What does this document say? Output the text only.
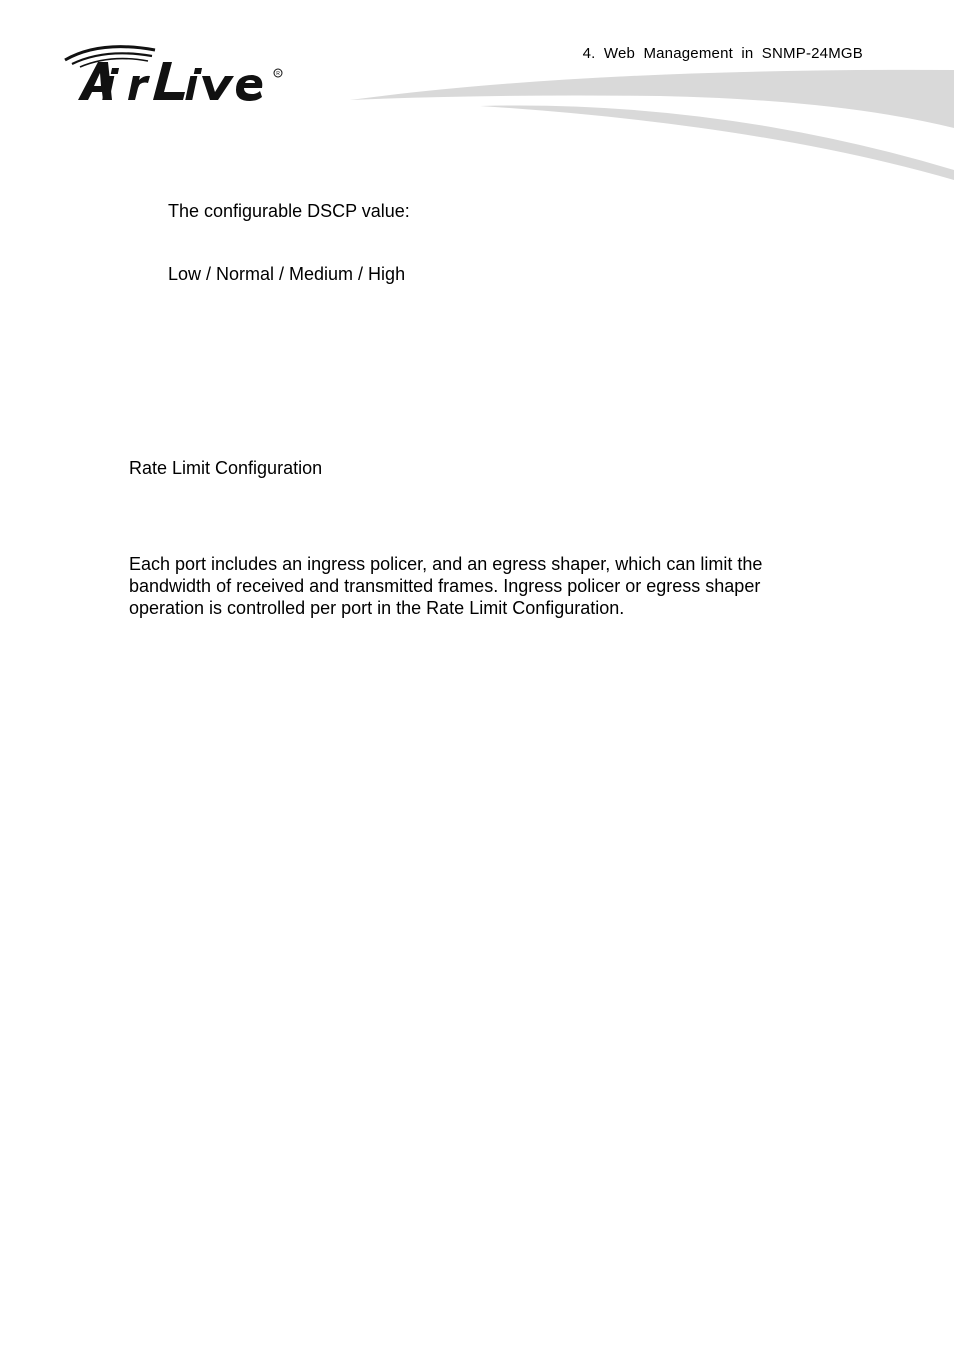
R
4. Web Management in SNMP-24MGB
The configurable DSCP value:
Low / Normal / Medium / High
Rate Limit Configuration
Each port includes an ingress policer, and an egress shaper, which can limit the
bandwidth of received and transmitted frames. Ingress policer or egress shaper
operation is controlled per port in the Rate Limit Configuration.
